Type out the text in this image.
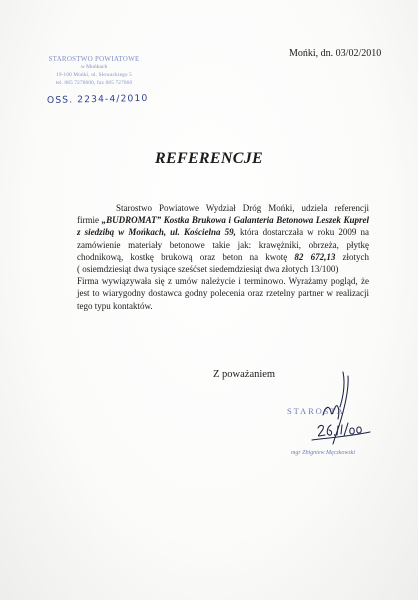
STAROSTWO POWIATOWE
w Mońkach
19-100 Mońki, ul. Słowackiego 5
tel. 085 7270600, fax 085 727060
OSS. 2234-4/2010
Mońki, dn. 03/02/2010
REFERENCJE
Starostwo Powiatowe Wydział Dróg Mońki, udziela referencji
firmie „BUDROMAT” Kostka Brukowa i Galanteria Betonowa Leszek Kuprel
z siedzibą w Mońkach, ul. Kościelna 59, która dostarczała w roku 2009 na
zamówienie materiały betonowe takie jak: krawężniki, obrzeża, płytkę
chodnikową, kostkę brukową oraz beton na kwotę 82 672,13 złotych
( osiemdziesiąt dwa tysiące sześćset siedemdziesiąt dwa złotych 13/100)
Firma wywiązywała się z umów należycie i terminowo. Wyrażamy pogląd, że
jest to wiarygodny dostawca godny polecenia oraz rzetelny partner w realizacji
tego typu kontaktów.
Z poważaniem
STAROSTA
mgr Zbigniew Męczkowski
